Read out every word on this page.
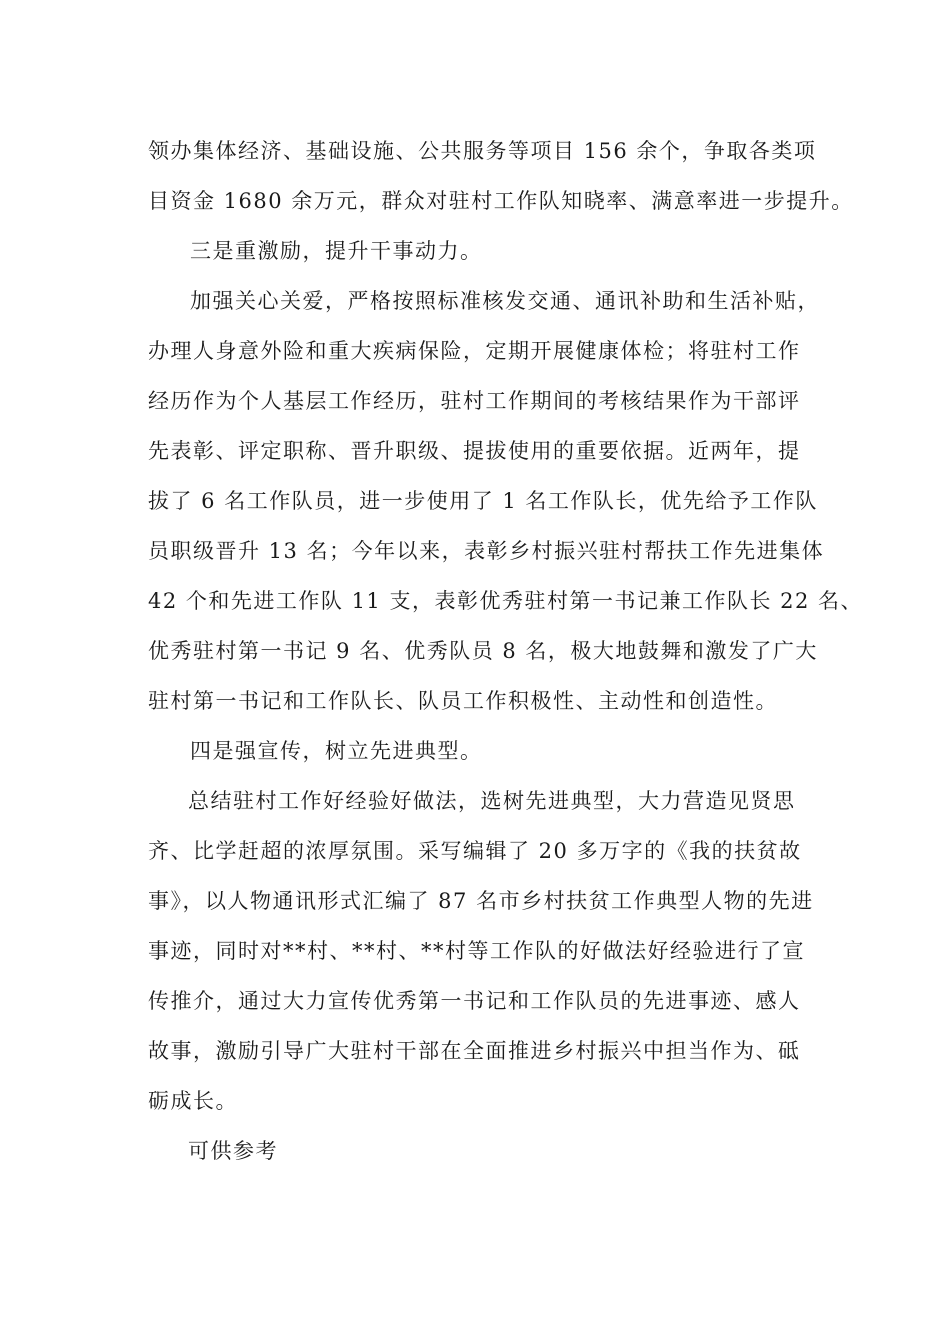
领办集体经济、基础设施、公共服务等项目 156 余个，争取各类项
目资金 1680 余万元，群众对驻村工作队知晓率、满意率进一步提升。
三是重激励，提升干事动力。
加强关心关爱，严格按照标准核发交通、通讯补助和生活补贴，
办理人身意外险和重大疾病保险，定期开展健康体检；将驻村工作
经历作为个人基层工作经历，驻村工作期间的考核结果作为干部评
先表彰、评定职称、晋升职级、提拔使用的重要依据。近两年，提
拔了 6 名工作队员，进一步使用了 1 名工作队长，优先给予工作队
员职级晋升 13 名；今年以来，表彰乡村振兴驻村帮扶工作先进集体
42 个和先进工作队 11 支，表彰优秀驻村第一书记兼工作队长 22 名、
优秀驻村第一书记 9 名、优秀队员 8 名，极大地鼓舞和激发了广大
驻村第一书记和工作队长、队员工作积极性、主动性和创造性。
四是强宣传，树立先进典型。
总结驻村工作好经验好做法，选树先进典型，大力营造见贤思
齐、比学赶超的浓厚氛围。采写编辑了 20 多万字的《我的扶贫故
事》，以人物通讯形式汇编了 87 名市乡村扶贫工作典型人物的先进
事迹，同时对**村、**村、**村等工作队的好做法好经验进行了宣
传推介，通过大力宣传优秀第一书记和工作队员的先进事迹、感人
故事，激励引导广大驻村干部在全面推进乡村振兴中担当作为、砥
砺成长。
可供参考
